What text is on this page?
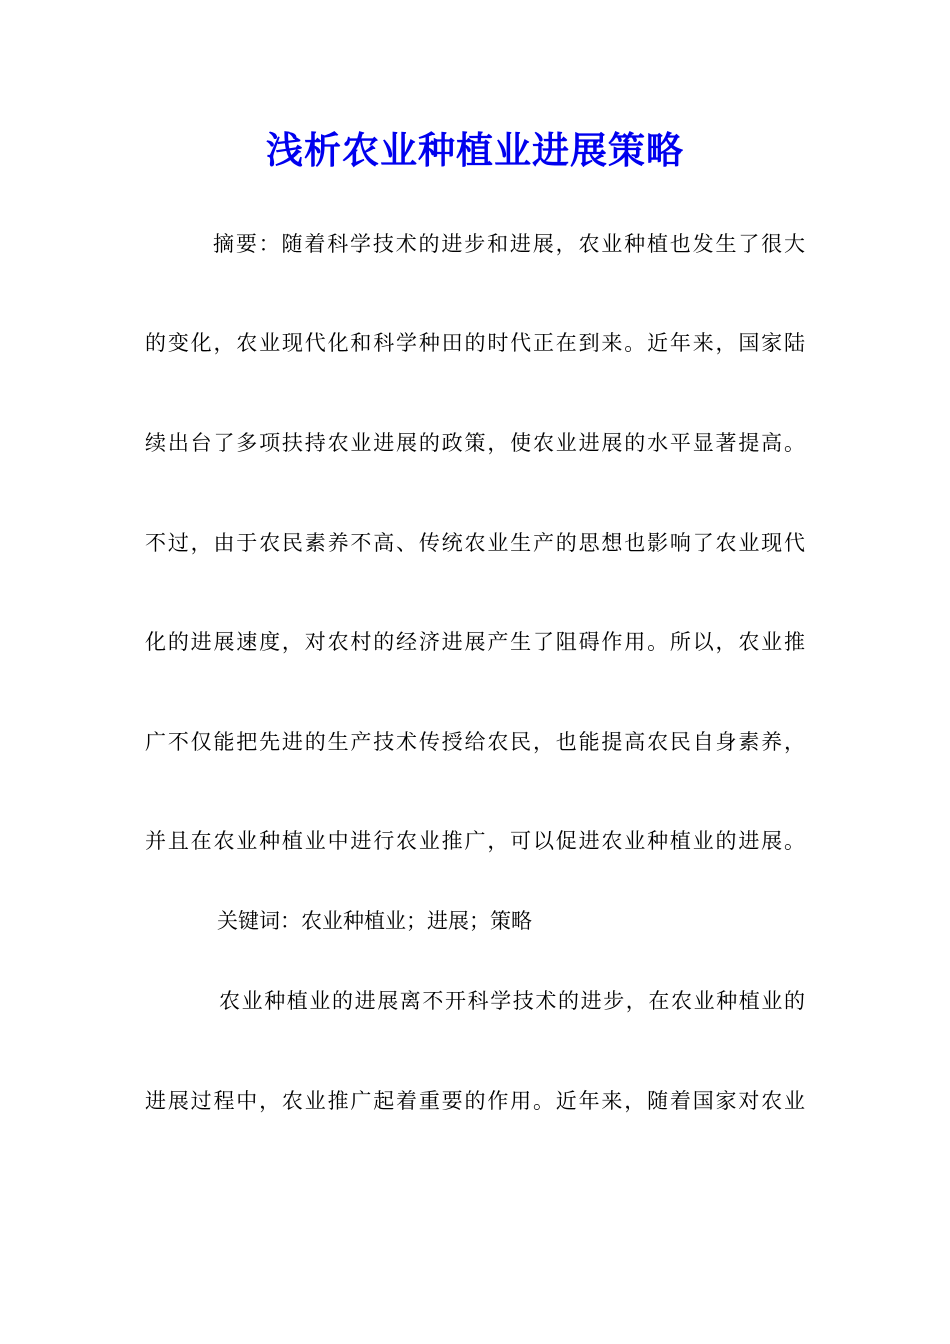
浅析农业种植业进展策略

摘要：随着科学技术的进步和进展，农业种植也发生了很大

的变化，农业现代化和科学种田的时代正在到来。近年来，国家陆

续出台了多项扶持农业进展的政策，使农业进展的水平显著提高。

不过，由于农民素养不高、传统农业生产的思想也影响了农业现代

化的进展速度，对农村的经济进展产生了阻碍作用。所以，农业推

广不仅能把先进的生产技术传授给农民，也能提高农民自身素养，

并且在农业种植业中进行农业推广，可以促进农业种植业的进展。

关键词：农业种植业；进展；策略

农业种植业的进展离不开科学技术的进步，在农业种植业的

进展过程中，农业推广起着重要的作用。近年来，随着国家对农业
